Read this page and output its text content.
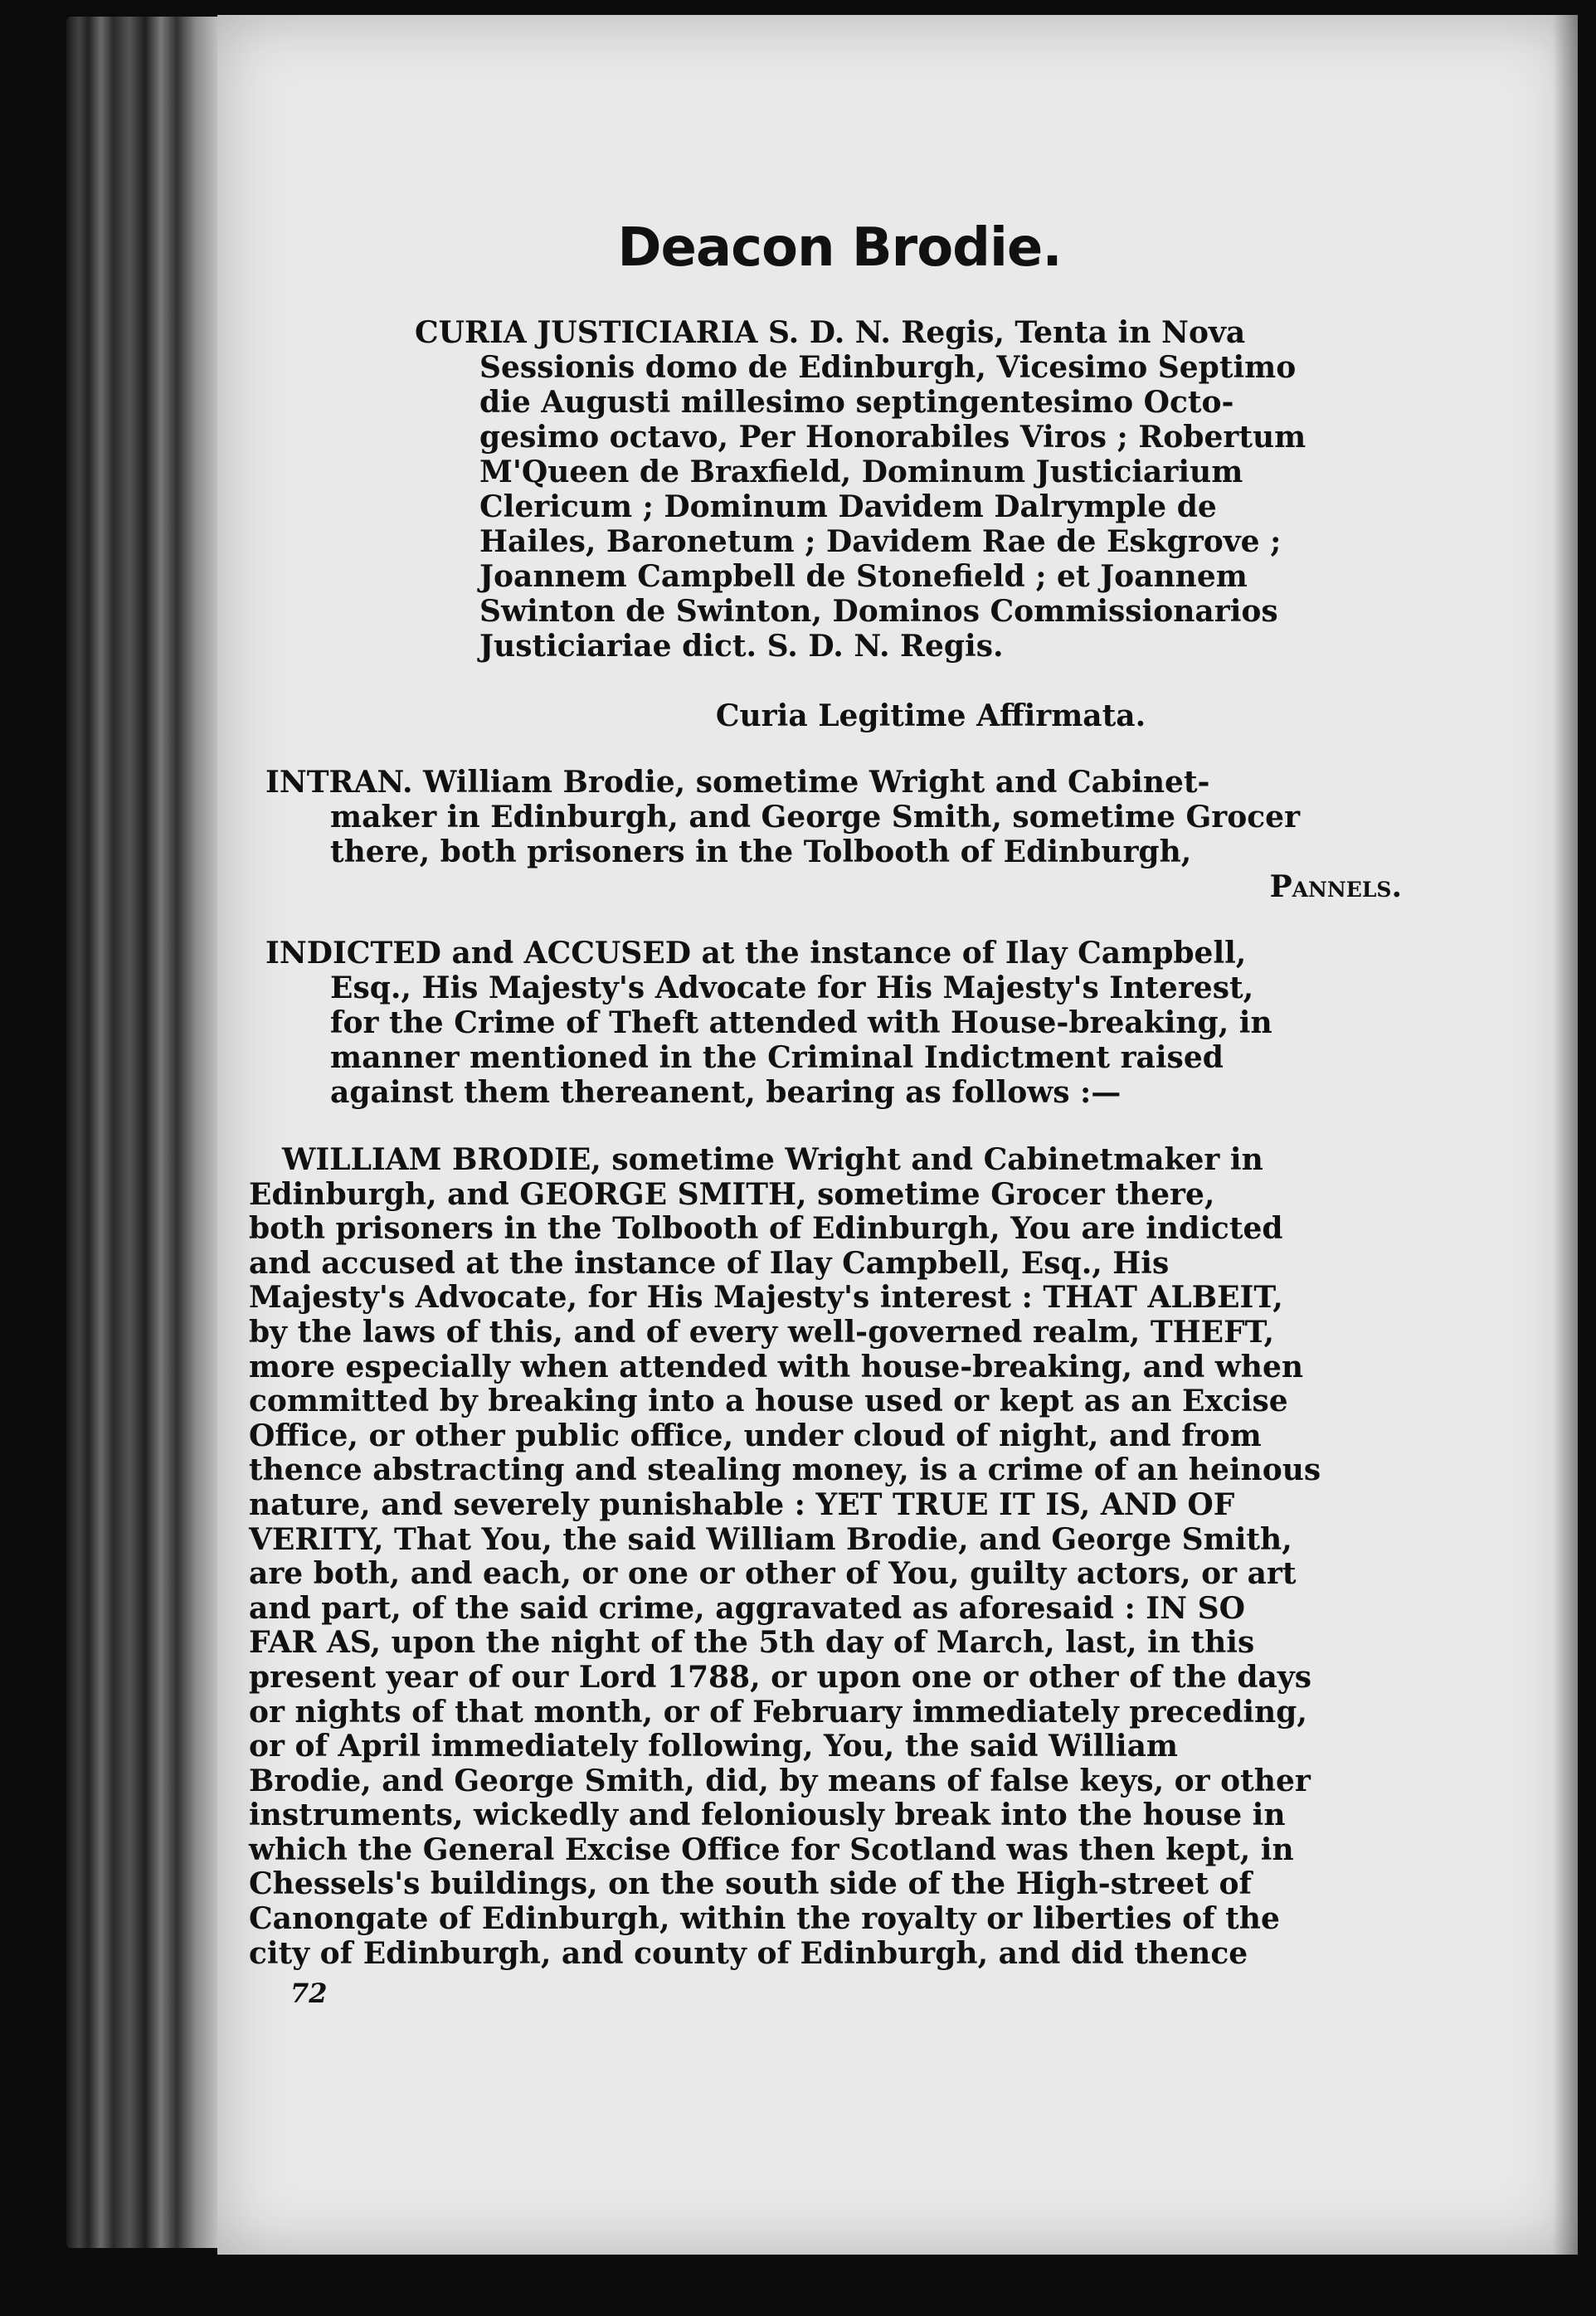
Deacon Brodie.
CURIA JUSTICIARIA S. D. N. Regis, Tenta in Nova
Sessionis domo de Edinburgh, Vicesimo Septimo
die Augusti millesimo septingentesimo Octo-
gesimo octavo, Per Honorabiles Viros ; Robertum
M'Queen de Braxfield, Dominum Justiciarium
Clericum ; Dominum Davidem Dalrymple de
Hailes, Baronetum ; Davidem Rae de Eskgrove ;
Joannem Campbell de Stonefield ; et Joannem
Swinton de Swinton, Dominos Commissionarios
Justiciariae dict. S. D. N. Regis.
Curia Legitime Affirmata.
INTRAN. William Brodie, sometime Wright and Cabinet-
maker in Edinburgh, and George Smith, sometime Grocer
there, both prisoners in the Tolbooth of Edinburgh,
Pannels.
INDICTED and ACCUSED at the instance of Ilay Campbell,
Esq., His Majesty's Advocate for His Majesty's Interest,
for the Crime of Theft attended with House-breaking, in
manner mentioned in the Criminal Indictment raised
against them thereanent, bearing as follows :—
WILLIAM BRODIE, sometime Wright and Cabinetmaker in
Edinburgh, and GEORGE SMITH, sometime Grocer there,
both prisoners in the Tolbooth of Edinburgh, You are indicted
and accused at the instance of Ilay Campbell, Esq., His
Majesty's Advocate, for His Majesty's interest : THAT ALBEIT,
by the laws of this, and of every well-governed realm, THEFT,
more especially when attended with house-breaking, and when
committed by breaking into a house used or kept as an Excise
Office, or other public office, under cloud of night, and from
thence abstracting and stealing money, is a crime of an heinous
nature, and severely punishable : YET TRUE IT IS, AND OF
VERITY, That You, the said William Brodie, and George Smith,
are both, and each, or one or other of You, guilty actors, or art
and part, of the said crime, aggravated as aforesaid : IN SO
FAR AS, upon the night of the 5th day of March, last, in this
present year of our Lord 1788, or upon one or other of the days
or nights of that month, or of February immediately preceding,
or of April immediately following, You, the said William
Brodie, and George Smith, did, by means of false keys, or other
instruments, wickedly and feloniously break into the house in
which the General Excise Office for Scotland was then kept, in
Chessels's buildings, on the south side of the High-street of
Canongate of Edinburgh, within the royalty or liberties of the
city of Edinburgh, and county of Edinburgh, and did thence
72
